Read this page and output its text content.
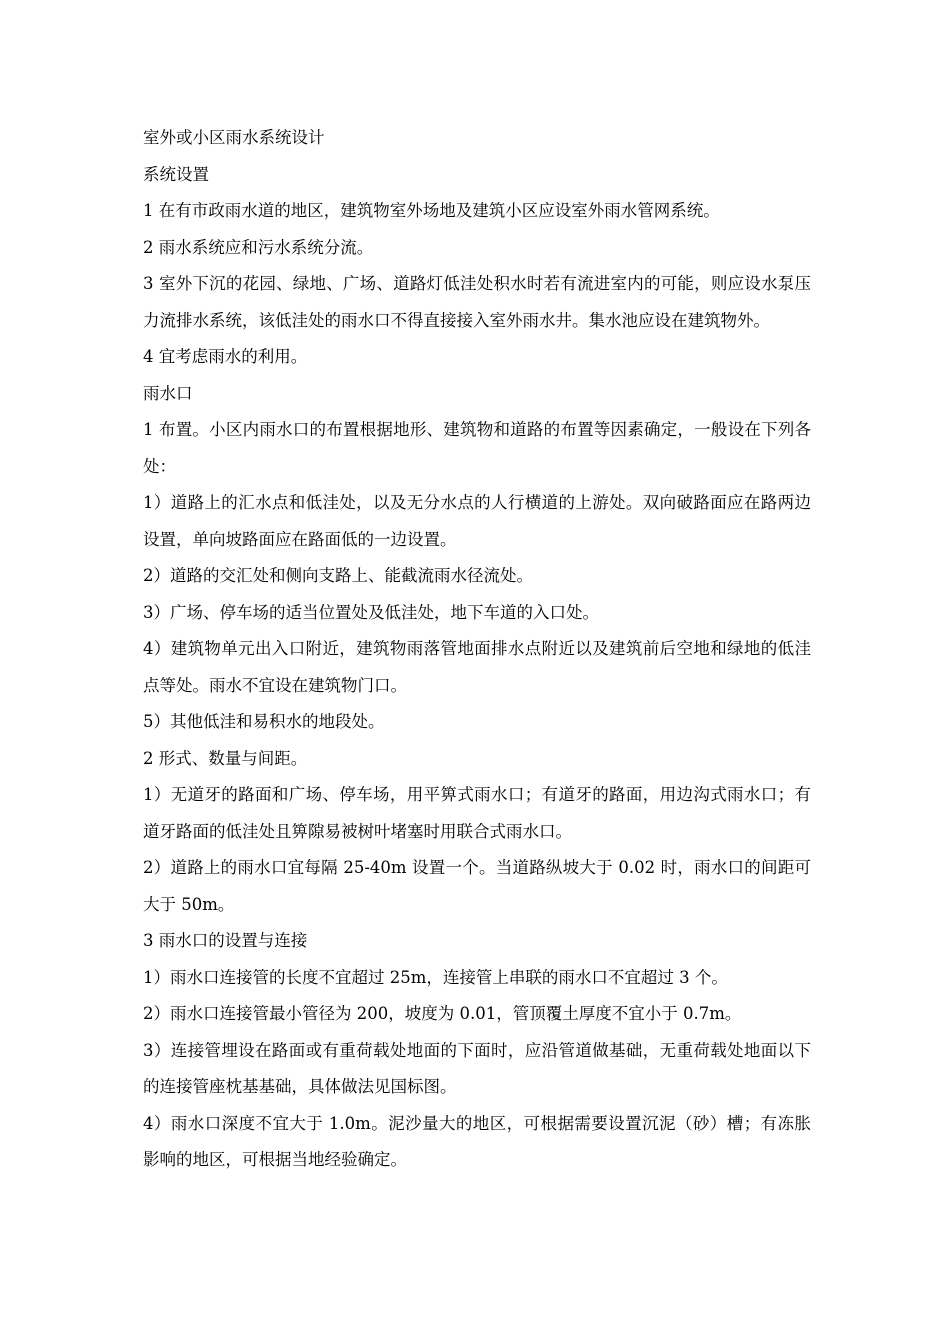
室外或小区雨水系统设计

系统设置

1 在有市政雨水道的地区，建筑物室外场地及建筑小区应设室外雨水管网系统。

2 雨水系统应和污水系统分流。

3 室外下沉的花园、绿地、广场、道路灯低洼处积水时若有流进室内的可能，则应设水泵压力流排水系统，该低洼处的雨水口不得直接接入室外雨水井。集水池应设在建筑物外。

4 宜考虑雨水的利用。

雨水口

1 布置。小区内雨水口的布置根据地形、建筑物和道路的布置等因素确定，一般设在下列各处：

1）道路上的汇水点和低洼处，以及无分水点的人行横道的上游处。双向破路面应在路两边设置，单向坡路面应在路面低的一边设置。

2）道路的交汇处和侧向支路上、能截流雨水径流处。

3）广场、停车场的适当位置处及低洼处，地下车道的入口处。

4）建筑物单元出入口附近，建筑物雨落管地面排水点附近以及建筑前后空地和绿地的低洼点等处。雨水不宜设在建筑物门口。

5）其他低洼和易积水的地段处。

2 形式、数量与间距。

1）无道牙的路面和广场、停车场，用平箅式雨水口；有道牙的路面，用边沟式雨水口；有道牙路面的低洼处且箅隙易被树叶堵塞时用联合式雨水口。

2）道路上的雨水口宜每隔 25-40m 设置一个。当道路纵坡大于 0.02 时，雨水口的间距可大于 50m。

3 雨水口的设置与连接

1）雨水口连接管的长度不宜超过 25m，连接管上串联的雨水口不宜超过 3 个。

2）雨水口连接管最小管径为 200，坡度为 0.01，管顶覆土厚度不宜小于 0.7m。

3）连接管埋设在路面或有重荷载处地面的下面时，应沿管道做基础，无重荷载处地面以下的连接管座枕基基础，具体做法见国标图。

4）雨水口深度不宜大于 1.0m。泥沙量大的地区，可根据需要设置沉泥（砂）槽；有冻胀影响的地区，可根据当地经验确定。
